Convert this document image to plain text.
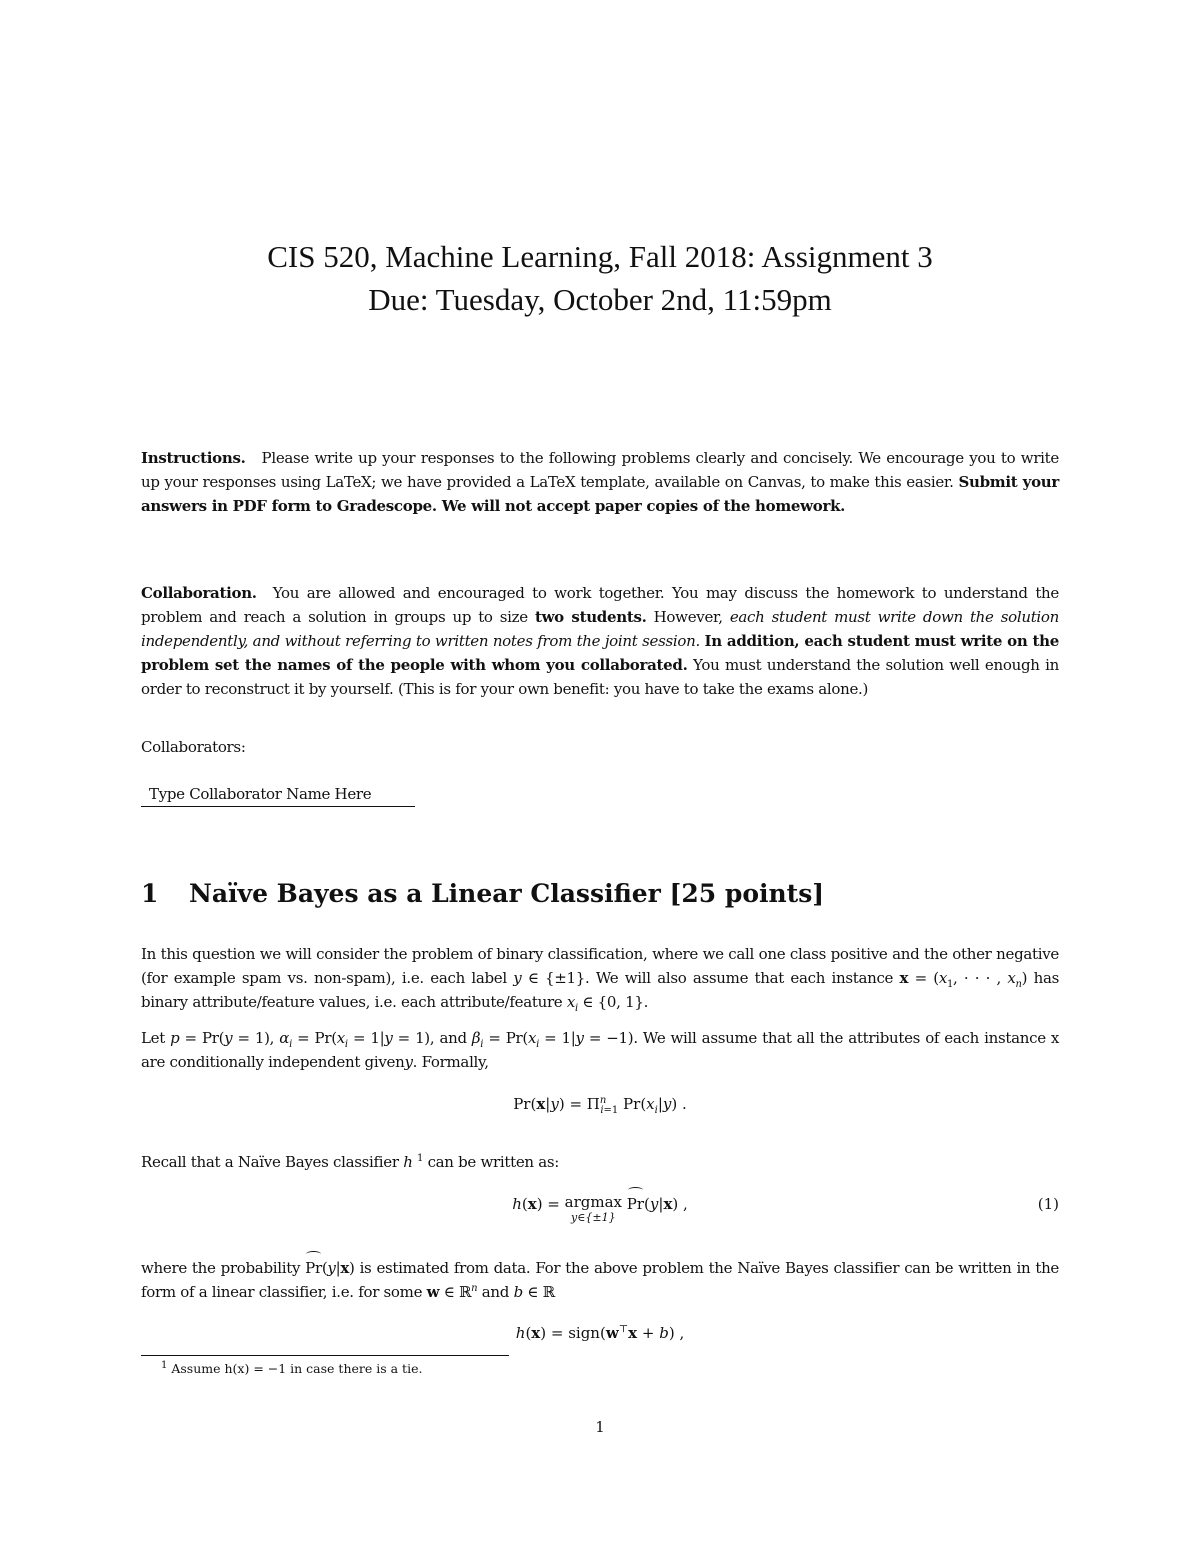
CIS 520, Machine Learning, Fall 2018: Assignment 3
Due: Tuesday, October 2nd, 11:59pm
Instructions. Please write up your responses to the following problems clearly and concisely. We encourage you to write up your responses using LaTeX; we have provided a LaTeX template, available on Canvas, to make this easier. Submit your answers in PDF form to Gradescope. We will not accept paper copies of the homework.
Collaboration. You are allowed and encouraged to work together. You may discuss the homework to understand the problem and reach a solution in groups up to size two students. However, each student must write down the solution independently, and without referring to written notes from the joint session. In addition, each student must write on the problem set the names of the people with whom you collaborated. You must understand the solution well enough in order to reconstruct it by yourself. (This is for your own benefit: you have to take the exams alone.)
Collaborators:
Type Collaborator Name Here
1 Naïve Bayes as a Linear Classifier [25 points]
In this question we will consider the problem of binary classification, where we call one class positive and the other negative (for example spam vs. non-spam), i.e. each label y ∈ {±1}. We will also assume that each instance $x = (x_1$, · · · , $x_n$) has binary attribute/feature values, i.e. each attribute/feature $x_i$ ∈ {0, 1}.
Let p = Pr(y = 1), $\alpha_i = Pr(x_i = 1|y = 1)$, and $\beta_i = Pr(x_i = 1|y = -1)$. We will assume that all the attributes of each instance x are conditionally independent giveny. Formally,
$Pr(x|y) = \Pi^n_{i=1}$ $Pr(x_i|y)$ .
Recall that a Naïve Bayes classifier h $^1$ can be written as:
h(x) = argmax
y∈{±1}
Pr(y|x) ,	(1)
where the probability Pr(y|x) is estimated from data. For the above problem the Naïve Bayes classifier can be written in the form of a linear classifier, i.e. for some w ∈ ℝ$^n$ and b ∈ ℝ
h(x) = sign(w⊤x + b) ,
$^1$ Assume h(x) = −1 in case there is a tie.
1
